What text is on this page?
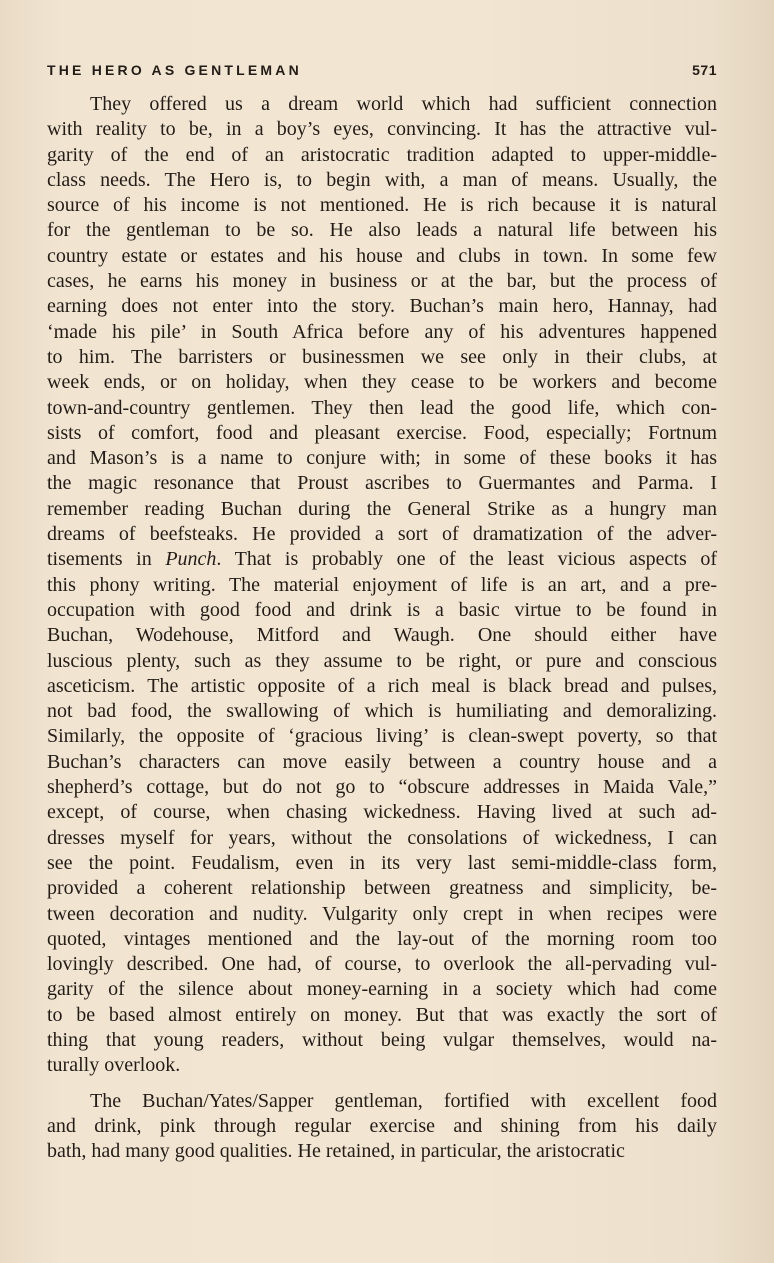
THE HERO AS GENTLEMAN	571
They offered us a dream world which had sufficient connection
with reality to be, in a boy’s eyes, convincing. It has the attractive vul-
garity of the end of an aristocratic tradition adapted to upper-middle-
class needs. The Hero is, to begin with, a man of means. Usually, the
source of his income is not mentioned. He is rich because it is natural
for the gentleman to be so. He also leads a natural life between his
country estate or estates and his house and clubs in town. In some few
cases, he earns his money in business or at the bar, but the process of
earning does not enter into the story. Buchan’s main hero, Hannay, had
‘made his pile’ in South Africa before any of his adventures happened
to him. The barristers or businessmen we see only in their clubs, at
week ends, or on holiday, when they cease to be workers and become
town-and-country gentlemen. They then lead the good life, which con-
sists of comfort, food and pleasant exercise. Food, especially; Fortnum
and Mason’s is a name to conjure with; in some of these books it has
the magic resonance that Proust ascribes to Guermantes and Parma. I
remember reading Buchan during the General Strike as a hungry man
dreams of beefsteaks. He provided a sort of dramatization of the adver-
tisements in Punch. That is probably one of the least vicious aspects of
this phony writing. The material enjoyment of life is an art, and a pre-
occupation with good food and drink is a basic virtue to be found in
Buchan, Wodehouse, Mitford and Waugh. One should either have
luscious plenty, such as they assume to be right, or pure and conscious
asceticism. The artistic opposite of a rich meal is black bread and pulses,
not bad food, the swallowing of which is humiliating and demoralizing.
Similarly, the opposite of ‘gracious living’ is clean-swept poverty, so that
Buchan’s characters can move easily between a country house and a
shepherd’s cottage, but do not go to “obscure addresses in Maida Vale,”
except, of course, when chasing wickedness. Having lived at such ad-
dresses myself for years, without the consolations of wickedness, I can
see the point. Feudalism, even in its very last semi-middle-class form,
provided a coherent relationship between greatness and simplicity, be-
tween decoration and nudity. Vulgarity only crept in when recipes were
quoted, vintages mentioned and the lay-out of the morning room too
lovingly described. One had, of course, to overlook the all-pervading vul-
garity of the silence about money-earning in a society which had come
to be based almost entirely on money. But that was exactly the sort of
thing that young readers, without being vulgar themselves, would na-
turally overlook.
The Buchan/Yates/Sapper gentleman, fortified with excellent food
and drink, pink through regular exercise and shining from his daily
bath, had many good qualities. He retained, in particular, the aristocratic
